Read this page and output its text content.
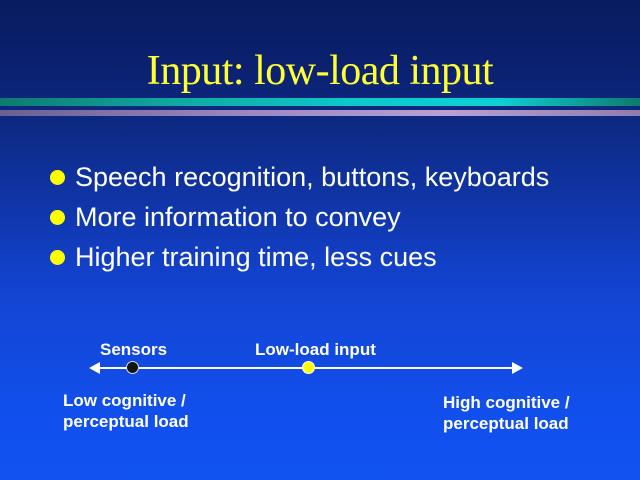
Input: low-load input
Speech recognition, buttons, keyboards
More information to convey
Higher training time, less cues
Sensors	Low-load input
Low cognitive /
perceptual load
High cognitive /
perceptual load
